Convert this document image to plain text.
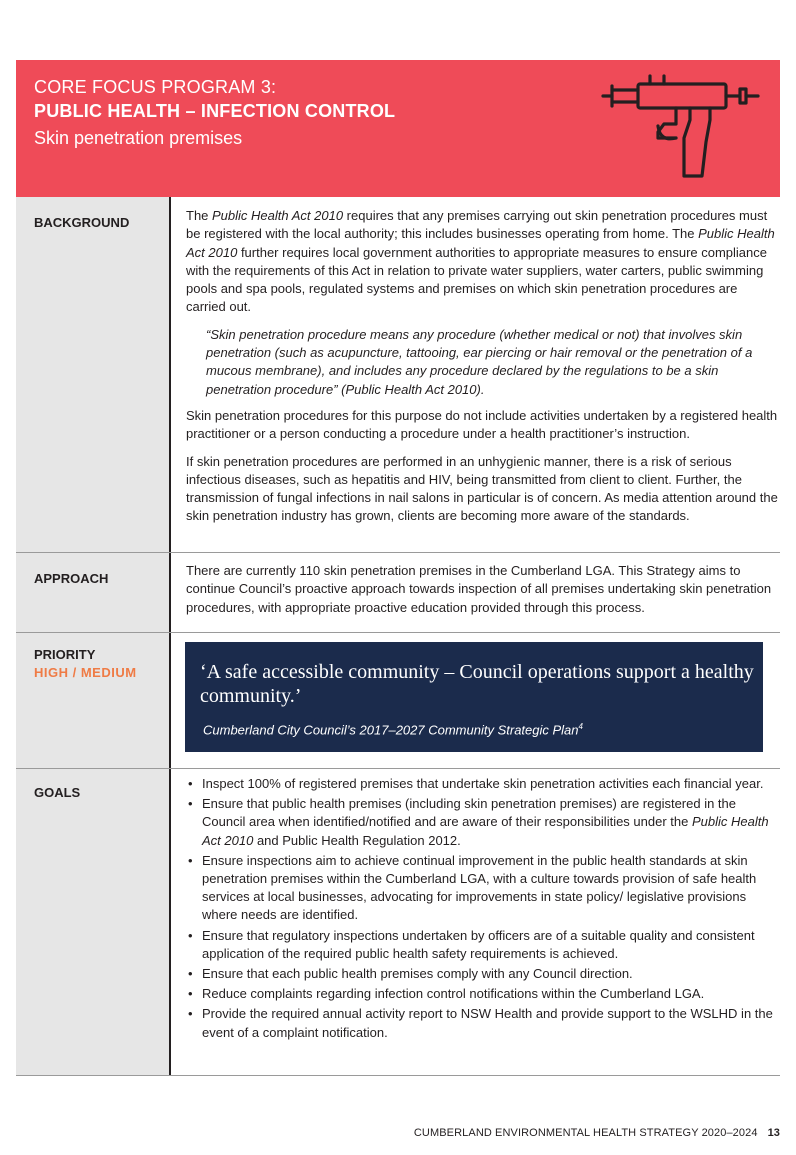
CORE FOCUS PROGRAM 3:
PUBLIC HEALTH – INFECTION CONTROL
Skin penetration premises
BACKGROUND	The Public Health Act 2010 requires that any premises carrying out skin penetration procedures must be registered with the local authority; this includes businesses operating from home. The Public Health Act 2010 further requires local government authorities to appropriate measures to ensure compliance with the requirements of this Act in relation to private water suppliers, water carters, public swimming pools and spa pools, regulated systems and premises on which skin penetration procedures are carried out.

“Skin penetration procedure means any procedure (whether medical or not) that involves skin penetration (such as acupuncture, tattooing, ear piercing or hair removal or the penetration of a mucous membrane), and includes any procedure declared by the regulations to be a skin penetration procedure” (Public Health Act 2010).

Skin penetration procedures for this purpose do not include activities undertaken by a registered health practitioner or a person conducting a procedure under a health practitioner’s instruction.

If skin penetration procedures are performed in an unhygienic manner, there is a risk of serious infectious diseases, such as hepatitis and HIV, being transmitted from client to client. Further, the transmission of fungal infections in nail salons in particular is of concern. As media attention around the skin penetration industry has grown, clients are becoming more aware of the standards.

APPROACH

There are currently 110 skin penetration premises in the Cumberland LGA. This Strategy aims to continue Council’s proactive approach towards inspection of all premises undertaking skin penetration procedures, with appropriate proactive education provided through this process.

PRIORITY
HIGH / MEDIUM
GOALS
• Inspect 100% of registered premises that undertake skin penetration activities each financial year.
• Ensure that public health premises (including skin penetration premises) are registered in the Council area when identified/notified and are aware of their responsibilities under the Public Health Act 2010 and Public Health Regulation 2012.
• Ensure inspections aim to achieve continual improvement in the public health standards at skin penetration premises within the Cumberland LGA, with a culture towards provision of safe health services at local businesses, advocating for improvements in state policy/ legislative provisions where needs are identified.
• Ensure that regulatory inspections undertaken by officers are of a suitable quality and consistent application of the required public health safety requirements is achieved.
• Ensure that each public health premises comply with any Council direction.
• Reduce complaints regarding infection control notifications within the Cumberland LGA.
• Provide the required annual activity report to NSW Health and provide support to the WSLHD in the event of a complaint notification.
‘A safe accessible community – Council operations support a healthy community.’
Cumberland City Council’s 2017–2027 Community Strategic Plan$^4$
CUMBERLAND ENVIRONMENTAL HEALTH STRATEGY 2020–2024 13
